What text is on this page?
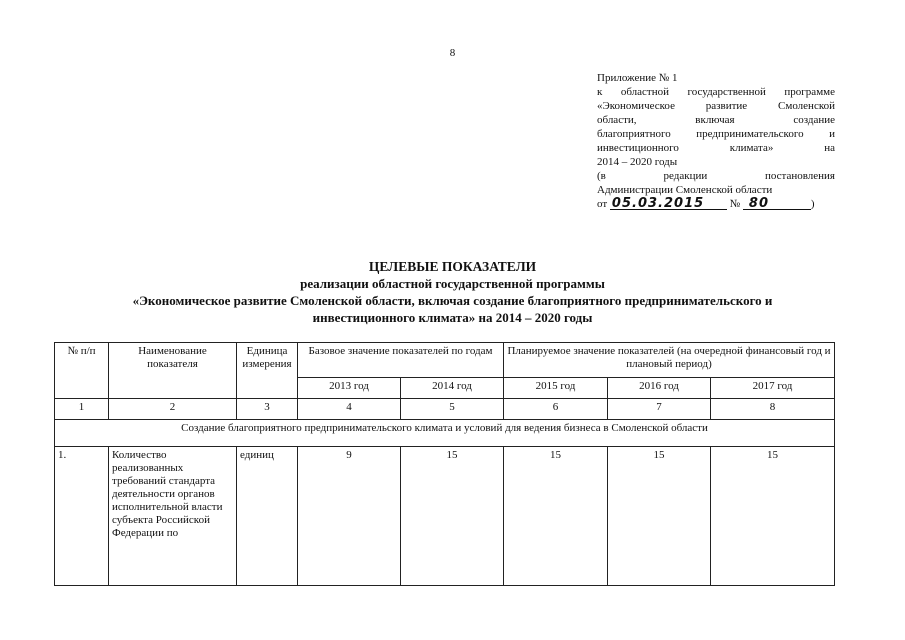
8
Приложение № 1
к областной государственной программе
«Экономическое развитие Смоленской
области, включая создание
благоприятного предпринимательского и
инвестиционного климата» на
2014 – 2020 годы
(в редакции постановления
Администрации Смоленской области
от 05.03.2015 № 80	)
ЦЕЛЕВЫЕ ПОКАЗАТЕЛИ
реализации областной государственной программы
«Экономическое развитие Смоленской области, включая создание благоприятного предпринимательского и
инвестиционного климата» на 2014 – 2020 годы
№ п/п	Наименование показателя	Единица измерения	Базовое значение показателей по годам		Планируемое значение показателей (на очередной финансовый год и плановый период)		
			2013 год	2014 год	2015 год	2016 год	2017 год
1	2	3	4	5	6	7	8
Создание благоприятного предпринимательского климата и условий для ведения бизнеса в Смоленской области							
1.	Количество реализованных требований стандарта деятельности органов исполнительной власти субъекта Российской Федерации по	единиц	9	15	15	15	15
